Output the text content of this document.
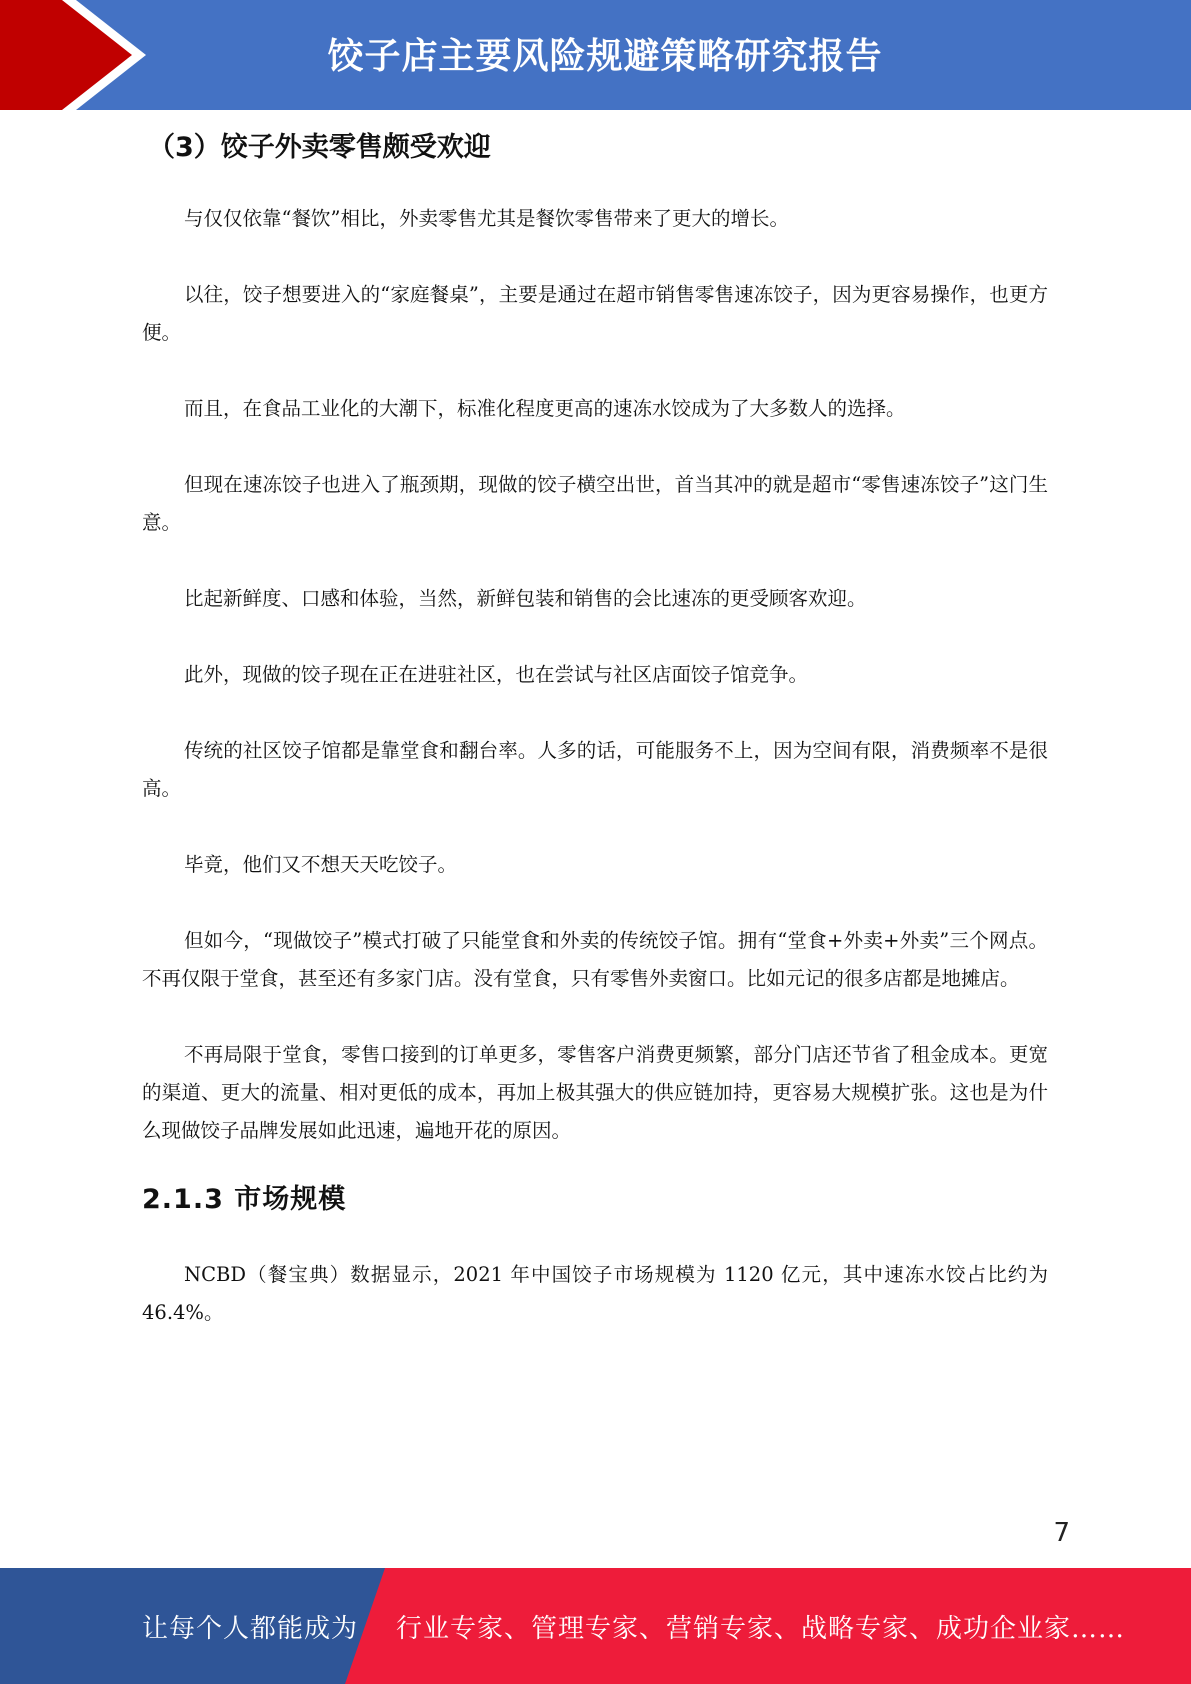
饺子店主要风险规避策略研究报告
（3）饺子外卖零售颇受欢迎

与仅仅依靠“餐饮”相比，外卖零售尤其是餐饮零售带来了更大的增长。

以往，饺子想要进入的“家庭餐桌”，主要是通过在超市销售零售速冻饺子，因为更容易操作，也更方便。

而且，在食品工业化的大潮下，标准化程度更高的速冻水饺成为了大多数人的选择。

但现在速冻饺子也进入了瓶颈期，现做的饺子横空出世，首当其冲的就是超市“零售速冻饺子”这门生意。

比起新鲜度、口感和体验，当然，新鲜包装和销售的会比速冻的更受顾客欢迎。

此外，现做的饺子现在正在进驻社区，也在尝试与社区店面饺子馆竞争。

传统的社区饺子馆都是靠堂食和翻台率。人多的话，可能服务不上，因为空间有限，消费频率不是很高。

毕竟，他们又不想天天吃饺子。

但如今，“现做饺子”模式打破了只能堂食和外卖的传统饺子馆。拥有“堂食+外卖+外卖”三个网点。不再仅限于堂食，甚至还有多家门店。没有堂食，只有零售外卖窗口。比如元记的很多店都是地摊店。

不再局限于堂食，零售口接到的订单更多，零售客户消费更频繁，部分门店还节省了租金成本。更宽的渠道、更大的流量、相对更低的成本，再加上极其强大的供应链加持，更容易大规模扩张。这也是为什么现做饺子品牌发展如此迅速，遍地开花的原因。

2.1.3 市场规模

NCBD（餐宝典）数据显示，2021 年中国饺子市场规模为 1120 亿元，其中速冻水饺占比约为 46.4%。

7
让每个人都能成为 行业专家、管理专家、营销专家、战略专家、成功企业家……
